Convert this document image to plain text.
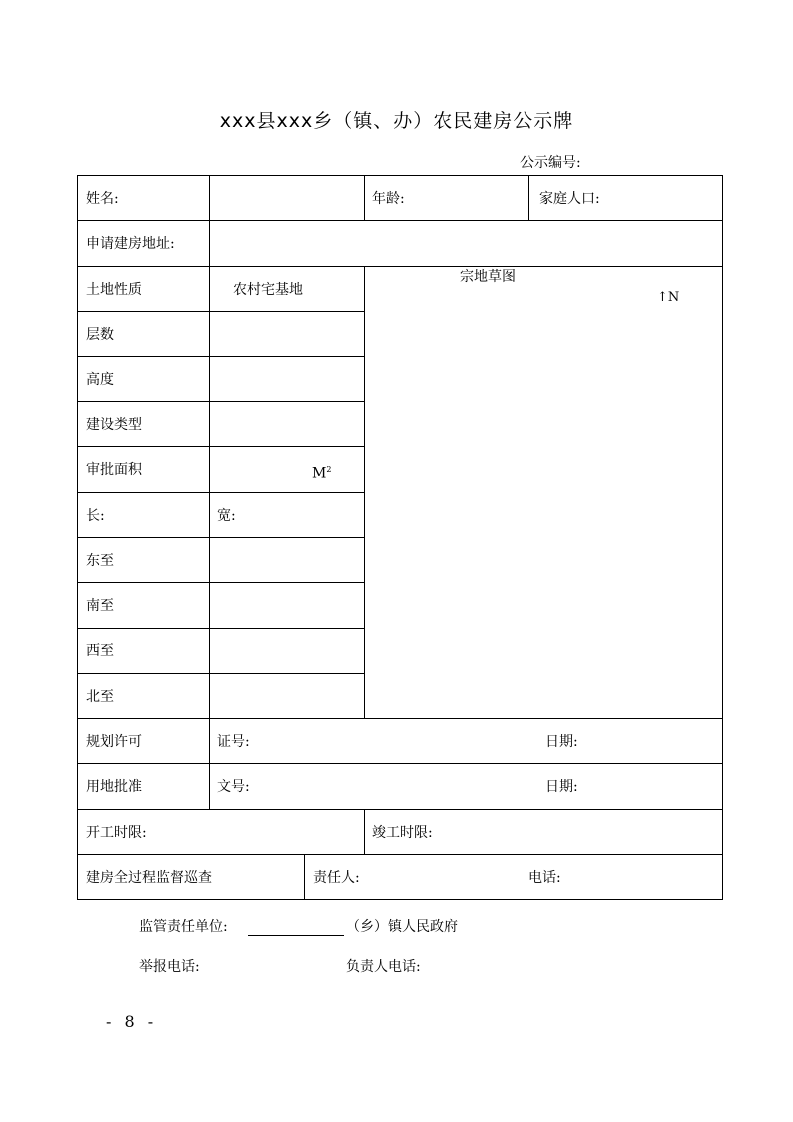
xxx县xxx乡（镇、办）农民建房公示牌
公示编号:
姓名:	年龄:	家庭人口:
申请建房地址:
土地性质	农村宅基地
层数
高度
建设类型
审批面积	$M^2$
长:	宽:
东至
南至
西至
北至
宗地草图
↑N
规划许可	证号:	日期:
用地批准	文号:	日期:
开工时限:	竣工时限:
建房全过程监督巡查	责任人:	电话:
监管责任单位:	（乡）镇人民政府
举报电话:	负责人电话:
- 8 -
